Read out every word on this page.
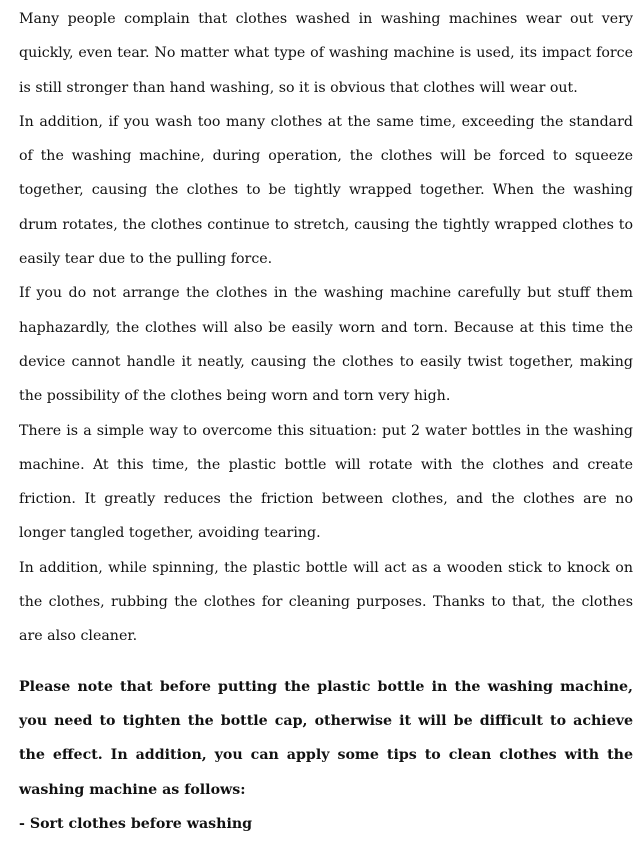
Many people complain that clothes washed in washing machines wear out very quickly, even tear. No matter what type of washing machine is used, its impact force is still stronger than hand washing, so it is obvious that clothes will wear out.

In addition, if you wash too many clothes at the same time, exceeding the standard of the washing machine, during operation, the clothes will be forced to squeeze together, causing the clothes to be tightly wrapped together. When the washing drum rotates, the clothes continue to stretch, causing the tightly wrapped clothes to easily tear due to the pulling force.

If you do not arrange the clothes in the washing machine carefully but stuff them haphazardly, the clothes will also be easily worn and torn. Because at this time the device cannot handle it neatly, causing the clothes to easily twist together, making the possibility of the clothes being worn and torn very high.

There is a simple way to overcome this situation: put 2 water bottles in the washing machine. At this time, the plastic bottle will rotate with the clothes and create friction. It greatly reduces the friction between clothes, and the clothes are no longer tangled together, avoiding tearing.

In addition, while spinning, the plastic bottle will act as a wooden stick to knock on the clothes, rubbing the clothes for cleaning purposes. Thanks to that, the clothes are also cleaner.

Please note that before putting the plastic bottle in the washing machine, you need to tighten the bottle cap, otherwise it will be difficult to achieve the effect. In addition, you can apply some tips to clean clothes with the washing machine as follows:

- Sort clothes before washing
